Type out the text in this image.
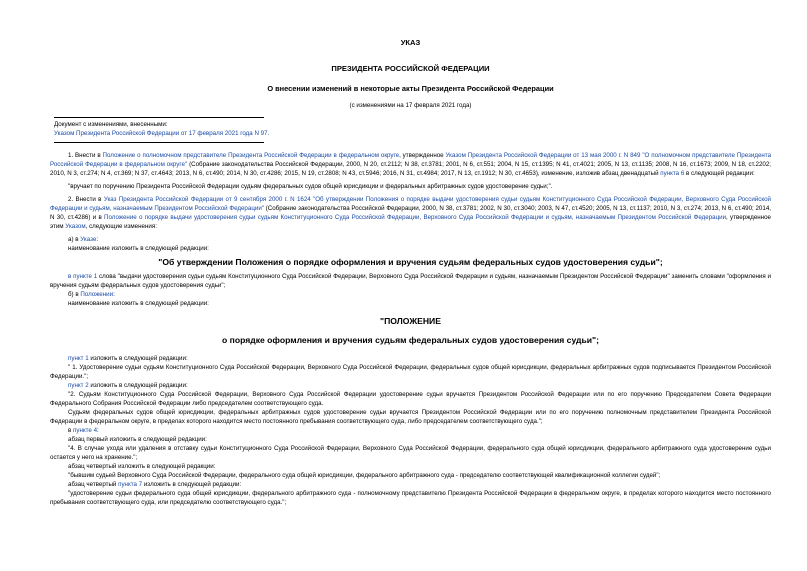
УКАЗ

ПРЕЗИДЕНТА РОССИЙСКОЙ ФЕДЕРАЦИИ

О внесении изменений в некоторые акты Президента Российской Федерации

(с изменениями на 17 февраля 2021 года)

Документ с изменениями, внесенными:

Указом Президента Российской Федерации от 17 февраля 2021 года N 97.

1. Внести в Положение о полномочном представителе Президента Российской Федерации в федеральном округе, утвержденное Указом Президента Российской Федерации от 13 мая 2000 г. N 849 "О полномочном представителе Президента Российской Федерации в федеральном округе" (Собрание законодательства Российской Федерации, 2000, N 20, ст.2112; N 38, ст.3781; 2001, N 6, ст.551; 2004, N 15, ст.1395; N 41, ст.4021; 2005, N 13, ст.1135; 2008, N 16, ст.1673; 2009, N 18, ст.2202; 2010, N 3, ст.274; N 4, ст.369; N 37, ст.4643; 2013, N 6, ст.490; 2014, N 30, ст.4286; 2015, N 19, ст.2808; N 43, ст.5946; 2016, N 31, ст.4984; 2017, N 13, ст.1912; N 30, ст.4653), изменение, изложив абзац двенадцатый пункта 6 в следующей редакции:

"вручает по поручению Президента Российской Федерации судьям федеральных судов общей юрисдикции и федеральных арбитражных судов удостоверение судьи;".

2. Внести в Указ Президента Российской Федерации от 9 сентября 2000 г. N 1624 "Об утверждении Положения о порядке выдачи удостоверения судьи судьям Конституционного Суда Российской Федерации, Верховного Суда Российской Федерации и судьям, назначаемым Президентом Российской Федерации" (Собрание законодательства Российской Федерации, 2000, N 38, ст.3781; 2002, N 30, ст.3040; 2003, N 47, ст.4520; 2005, N 13, ст.1137; 2010, N 3, ст.274; 2013, N 6, ст.490; 2014, N 30, ст.4286) и в Положение о порядке выдачи удостоверения судьи судьям Конституционного Суда Российской Федерации, Верховного Суда Российской Федерации и судьям, назначаемым Президентом Российской Федерации, утвержденное этим Указом, следующие изменения:

а) в Указе:

наименование изложить в следующей редакции:

"Об утверждении Положения о порядке оформления и вручения судьям федеральных судов удостоверения судьи";

в пункте 1 слова "выдачи удостоверения судьи судьям Конституционного Суда Российской Федерации, Верховного Суда Российской Федерации и судьям, назначаемым Президентом Российской Федерации" заменить словами "оформления и вручения судьям федеральных судов удостоверения судьи";

б) в Положении:

наименование изложить в следующей редакции:

"ПОЛОЖЕНИЕ

о порядке оформления и вручения судьям федеральных судов удостоверения судьи";

пункт 1 изложить в следующей редакции:

" 1. Удостоверение судьи судьям Конституционного Суда Российской Федерации, Верховного Суда Российской Федерации, федеральных судов общей юрисдикции, федеральных арбитражных судов подписывается Президентом Российской Федерации.";

пункт 2 изложить в следующей редакции:

"2. Судьям Конституционного Суда Российской Федерации, Верховного Суда Российской Федерации удостоверение судьи вручается Президентом Российской Федерации или по его поручению Председателем Совета Федерации Федерального Собрания Российской Федерации либо председателем соответствующего суда.

Судьям федеральных судов общей юрисдикции, федеральных арбитражных судов удостоверение судьи вручается Президентом Российской Федерации или по его поручению полномочным представителем Президента Российской Федерации в федеральном округе, в пределах которого находится место постоянного пребывания соответствующего суда, либо председателем соответствующего суда.";

в пункте 4:

абзац первый изложить в следующей редакции:

"4. В случае ухода или удаления в отставку судьи Конституционного Суда Российской Федерации, Верховного Суда Российской Федерации, федерального суда общей юрисдикции, федерального арбитражного суда удостоверение судьи остается у него на хранение.";

абзац четвертый изложить в следующей редакции:

"бывшим судьей Верховного Суда Российской Федерации, федерального суда общей юрисдикции, федерального арбитражного суда - председателю соответствующей квалификационной коллегии судей";

абзац четвертый пункта 7 изложить в следующей редакции:

"удостоверение судьи федерального суда общей юрисдикции, федерального арбитражного суда - полномочному представителю Президента Российской Федерации в федеральном округе, в пределах которого находится место постоянного пребывания соответствующего суда, или председателю соответствующего суда.";
